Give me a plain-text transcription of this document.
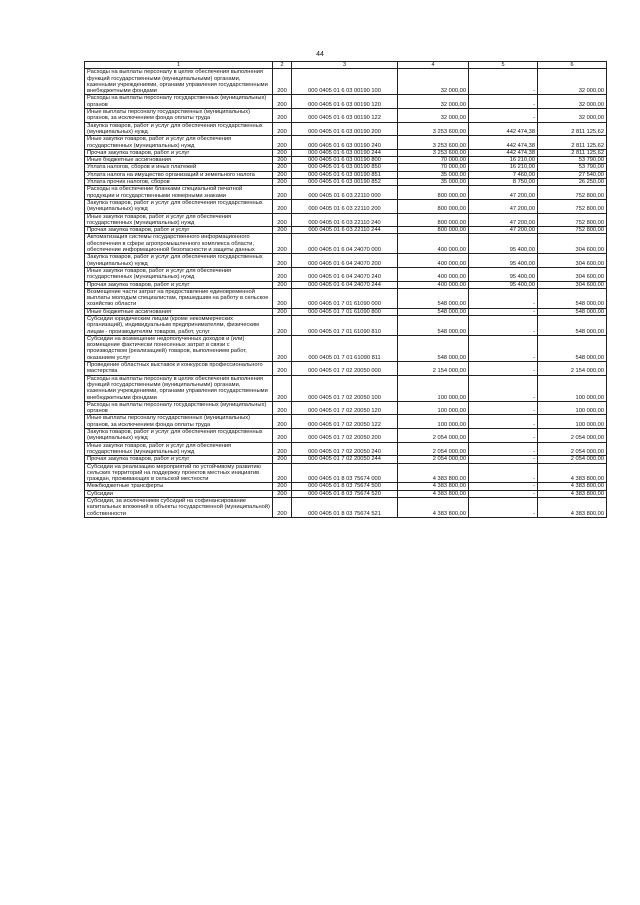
44
1	2	3	4	5	6
Расходы на выплаты персоналу в целях обеспечения выполнения функций государственными (муниципальными) органами, казенными учреждениями, органами управления государственными внебюджетными фондами	200	000 0405 01 6 03 00190 100	32 000,00	-	32 000,00
Расходы на выплаты персоналу государственных (муниципальных) органов	200	000 0405 01 6 03 00190 120	32 000,00	-	32 000,00
Иные выплаты персоналу государственных (муниципальных) органов, за исключением фонда оплаты труда	200	000 0405 01 6 03 00190 122	32 000,00	-	32 000,00
Закупка товаров, работ и услуг для обеспечения государственных (муниципальных) нужд	200	000 0405 01 6 03 00190 200	3 253 600,00	442 474,38	2 811 125,62
Иные закупки товаров, работ и услуг для обеспечения государственных (муниципальных) нужд	200	000 0405 01 6 03 00190 240	3 253 600,00	442 474,38	2 811 125,62
Прочая закупка товаров, работ и услуг	200	000 0405 01 6 03 00190 244	3 253 600,00	442 474,38	2 811 125,62
Иные бюджетные ассигнования	200	000 0405 01 6 03 00190 800	70 000,00	16 210,00	53 790,00
Уплата налогов, сборов и иных платежей	200	000 0405 01 6 03 00190 850	70 000,00	16 210,00	53 790,00
Уплата налога на имущество организаций и земельного налога	200	000 0405 01 6 03 00190 851	35 000,00	7 460,00	27 540,00
Уплата прочих налогов, сборов	200	000 0405 01 6 03 00190 852	35 000,00	8 750,00	26 250,00
Расходы на обеспечение бланками специальной печатной продукции и государственными номерными знаками	200	000 0405 01 6 03 22110 000	800 000,00	47 200,00	752 800,00
Закупка товаров, работ и услуг для обеспечения государственных (муниципальных) нужд	200	000 0405 01 6 03 22110 200	800 000,00	47 200,00	752 800,00
Иные закупки товаров, работ и услуг для обеспечения государственных (муниципальных) нужд	200	000 0405 01 6 03 22110 240	800 000,00	47 200,00	752 800,00
Прочая закупка товаров, работ и услуг	200	000 0405 01 6 03 22110 244	800 000,00	47 200,00	752 800,00
Автоматизация системы государственного информационного обеспечения в сфере агропромышленного комплекса области, обеспечение информационной безопасности и защиты данных	200	000 0405 01 6 04 24070 000	400 000,00	95 400,00	304 600,00
Закупка товаров, работ и услуг для обеспечения государственных (муниципальных) нужд	200	000 0405 01 6 04 24070 200	400 000,00	95 400,00	304 600,00
Иные закупки товаров, работ и услуг для обеспечения государственных (муниципальных) нужд	200	000 0405 01 6 04 24070 240	400 000,00	95 400,00	304 600,00
Прочая закупка товаров, работ и услуг	200	000 0405 01 6 04 24070 244	400 000,00	95 400,00	304 600,00
Возмещение части затрат на предоставление единовременной выплаты молодым специалистам, пришедшим на работу в сельское хозяйство области	200	000 0405 01 7 01 61090 000	548 000,00	-	548 000,00
Иные бюджетные ассигнования	200	000 0405 01 7 01 61090 800	548 000,00	-	548 000,00
Субсидии юридическим лицам (кроме некоммерческих организаций), индивидуальным предпринимателям, физическим лицам - производителям товаров, работ, услуг	200	000 0405 01 7 01 61090 810	548 000,00	-	548 000,00
Субсидии на возмещение недополученных доходов и (или) возмещение фактически понесенных затрат в связи с производством (реализацией) товаров, выполнением работ, оказанием услуг	200	000 0405 01 7 01 61090 811	548 000,00	-	548 000,00
Проведение областных выставок и конкурсов профессионального мастерства	200	000 0405 01 7 02 20050 000	2 154 000,00	-	2 154 000,00
Расходы на выплаты персоналу в целях обеспечения выполнения функций государственными (муниципальными) органами, казенными учреждениями, органами управления государственными внебюджетными фондами	200	000 0405 01 7 02 20050 100	100 000,00	-	100 000,00
Расходы на выплаты персоналу государственных (муниципальных) органов	200	000 0405 01 7 02 20050 120	100 000,00	-	100 000,00
Иные выплаты персоналу государственных (муниципальных) органов, за исключением фонда оплаты труда	200	000 0405 01 7 02 20050 122	100 000,00	-	100 000,00
Закупка товаров, работ и услуг для обеспечения государственных (муниципальных) нужд	200	000 0405 01 7 02 20050 200	2 054 000,00	-	2 054 000,00
Иные закупки товаров, работ и услуг для обеспечения государственных (муниципальных) нужд	200	000 0405 01 7 02 20050 240	2 054 000,00	-	2 054 000,00
Прочая закупка товаров, работ и услуг	200	000 0405 01 7 02 20050 244	2 054 000,00	-	2 054 000,00
Субсидии на реализацию мероприятий по устойчивому развитию сельских территорий на поддержку проектов местных инициатив граждан, проживающих в сельской местности	200	000 0405 01 8 03 75674 000	4 383 800,00	-	4 383 800,00
Межбюджетные трансферты	200	000 0405 01 8 03 75674 500	4 383 800,00	-	4 383 800,00
Субсидии	200	000 0405 01 8 03 75674 520	4 383 800,00	-	4 383 800,00
Субсидии, за исключением субсидий на софинансирование капитальных вложений в объекты государственной (муниципальной) собственности	200	000 0405 01 8 03 75674 521	4 383 800,00	-	4 383 800,00
